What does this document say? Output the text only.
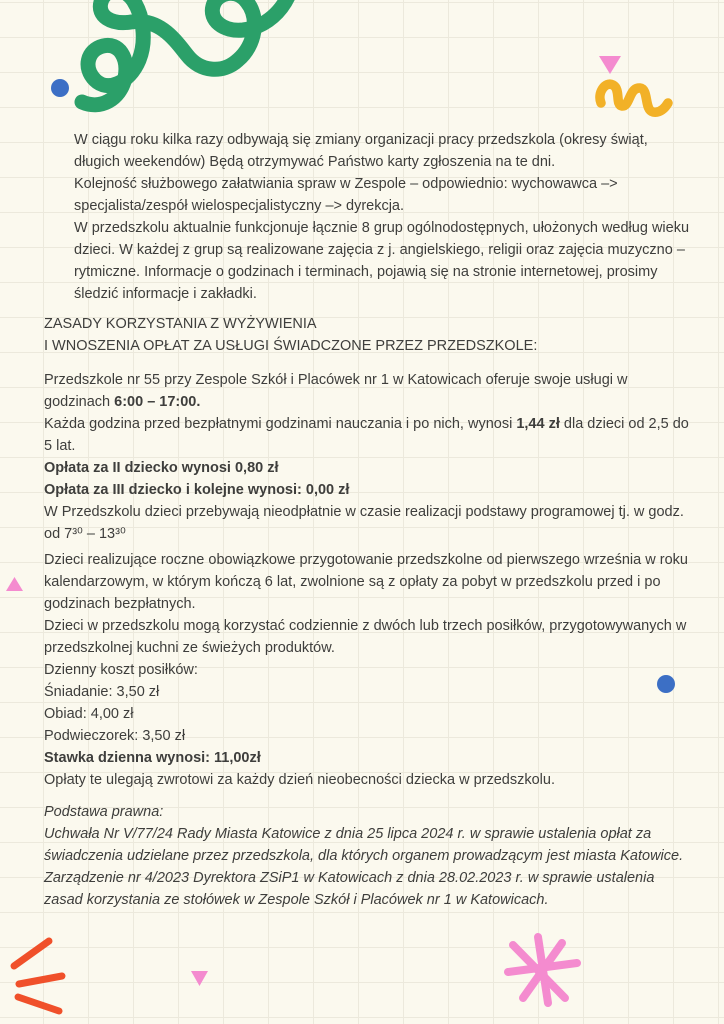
W ciągu roku kilka razy odbywają się zmiany organizacji pracy przedszkola (okresy świąt, długich weekendów) Będą otrzymywać Państwo karty zgłoszenia na te dni.
Kolejność służbowego załatwiania spraw w Zespole – odpowiednio: wychowawca –> specjalista/zespół wielospecjalistyczny –> dyrekcja.
W przedszkolu aktualnie funkcjonuje łącznie 8 grup ogólnodostępnych, ułożonych według wieku dzieci. W każdej z grup są realizowane zajęcia z j. angielskiego, religii oraz zajęcia muzyczno – rytmiczne. Informacje o godzinach i terminach, pojawią się na stronie internetowej, prosimy śledzić informacje i zakładki.
ZASADY KORZYSTANIA Z WYŻYWIENIA
I WNOSZENIA OPŁAT ZA USŁUGI ŚWIADCZONE PRZEZ PRZEDSZKOLE:
Przedszkole nr 55 przy Zespole Szkół i Placówek nr 1 w Katowicach oferuje swoje usługi w godzinach 6:00 – 17:00.
Każda godzina przed bezpłatnymi godzinami nauczania i po nich, wynosi 1,44 zł dla dzieci od 2,5 do 5 lat.
Opłata za II dziecko wynosi 0,80 zł
Opłata za III dziecko i kolejne wynosi: 0,00 zł
W Przedszkolu dzieci przebywają nieodpłatnie w czasie realizacji podstawy programowej tj. w godz. od 7³⁰ – 13³⁰
Dzieci realizujące roczne obowiązkowe przygotowanie przedszkolne od pierwszego września w roku kalendarzowym, w którym kończą 6 lat, zwolnione są z opłaty za pobyt w przedszkolu przed i po godzinach bezpłatnych.
Dzieci w przedszkolu mogą korzystać codziennie z dwóch lub trzech posiłków, przygotowywanych w przedszkolnej kuchni ze świeżych produktów.
Dzienny koszt posiłków:
Śniadanie: 3,50 zł
Obiad: 4,00 zł
Podwieczorek: 3,50 zł
Stawka dzienna wynosi: 11,00zł
Opłaty te ulegają zwrotowi za każdy dzień nieobecności dziecka w przedszkolu.
Podstawa prawna:
Uchwała Nr V/77/24 Rady Miasta Katowice z dnia 25 lipca 2024 r. w sprawie ustalenia opłat za świadczenia udzielane przez przedszkola, dla których organem prowadzącym jest miasta Katowice.
Zarządzenie nr 4/2023 Dyrektora ZSiP1 w Katowicach z dnia 28.02.2023 r. w sprawie ustalenia zasad korzystania ze stołówek w Zespole Szkół i Placówek nr 1 w Katowicach.
